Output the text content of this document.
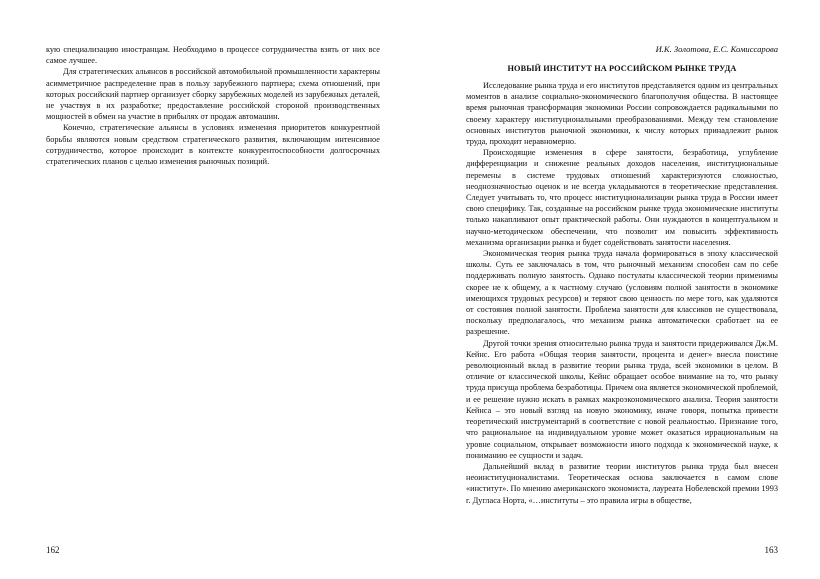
кую специализацию иностранцам. Необходимо в процессе сотрудничества взять от них все самое лучшее.

Для стратегических альянсов в российской автомобильной промышленности характерны асимметричное распределение прав в пользу зарубежного партнера; схема отношений, при которых российский партнер организует сборку зарубежных моделей из зарубежных деталей, не участвуя в их разработке; предоставление российской стороной производственных мощностей в обмен на участие в прибылях от продаж автомашин.

Конечно, стратегические альянсы в условиях изменения приоритетов конкурентной борьбы являются новым средством стратегического развития, включающим интенсивное сотрудничество, которое происходит в контексте конкурентоспособности долгосрочных стратегических планов с целью изменения рыночных позиций.

162
И.К. Золотова, Е.С. Комиссарова
НОВЫЙ ИНСТИТУТ НА РОССИЙСКОМ РЫНКЕ ТРУДА

Исследование рынка труда и его институтов представляется одним из центральных моментов в анализе социально-экономического благополучия общества. В настоящее время рыночная трансформация экономики России сопровождается радикальными по своему характеру институциональными преобразованиями. Между тем становление основных институтов рыночной экономики, к числу которых принадлежит рынок труда, проходит неравномерно.

Происходящие изменения в сфере занятости, безработица, углубление дифференциации и снижение реальных доходов населения, институциональные перемены в системе трудовых отношений характеризуются сложностью, неоднозначностью оценок и не всегда укладываются в теоретические представления. Следует учитывать то, что процесс институционализации рынка труда в России имеет свою специфику. Так, созданные на российском рынке труда экономические институты только накапливают опыт практической работы. Они нуждаются в концептуальном и научно-методическом обеспечении, что позволит им повысить эффективность механизма организации рынка и будет содействовать занятости населения.

Экономическая теория рынка труда начала формироваться в эпоху классической школы. Суть ее заключалась в том, что рыночный механизм способен сам по себе поддерживать полную занятость. Однако постулаты классической теории применимы скорее не к общему, а к частному случаю (условиям полной занятости в экономике имеющихся трудовых ресурсов) и теряют свою ценность по мере того, как удаляются от состояния полной занятости. Проблема занятости для классиков не существовала, поскольку предполагалось, что механизм рынка автоматически сработает на ее разрешение.

Другой точки зрения относительно рынка труда и занятости придерживался Дж.М. Кейнс. Его работа «Общая теория занятости, процента и денег» внесла поистине революционный вклад в развитие теории рынка труда, всей экономики в целом. В отличие от классической школы, Кейнс обращает особое внимание на то, что рынку труда присуща проблема безработицы. Причем она является экономической проблемой, и ее решение нужно искать в рамках макроэкономического анализа. Теория занятости Кейнса – это новый взгляд на новую экономику, иначе говоря, попытка привести теоретический инструментарий в соответствие с новой реальностью. Признание того, что рациональное на индивидуальном уровне может оказаться иррациональным на уровне социальном, открывает возможности иного подхода к экономической науке, к пониманию ее сущности и задач.

Дальнейший вклад в развитие теории институтов рынка труда был внесен неоинституционалистами. Теоретическая основа заключается в самом слове «институт». По мнению американского экономиста, лауреата Нобелевской премии 1993 г. Дугласа Норта, «…институты – это правила игры в обществе,

163
